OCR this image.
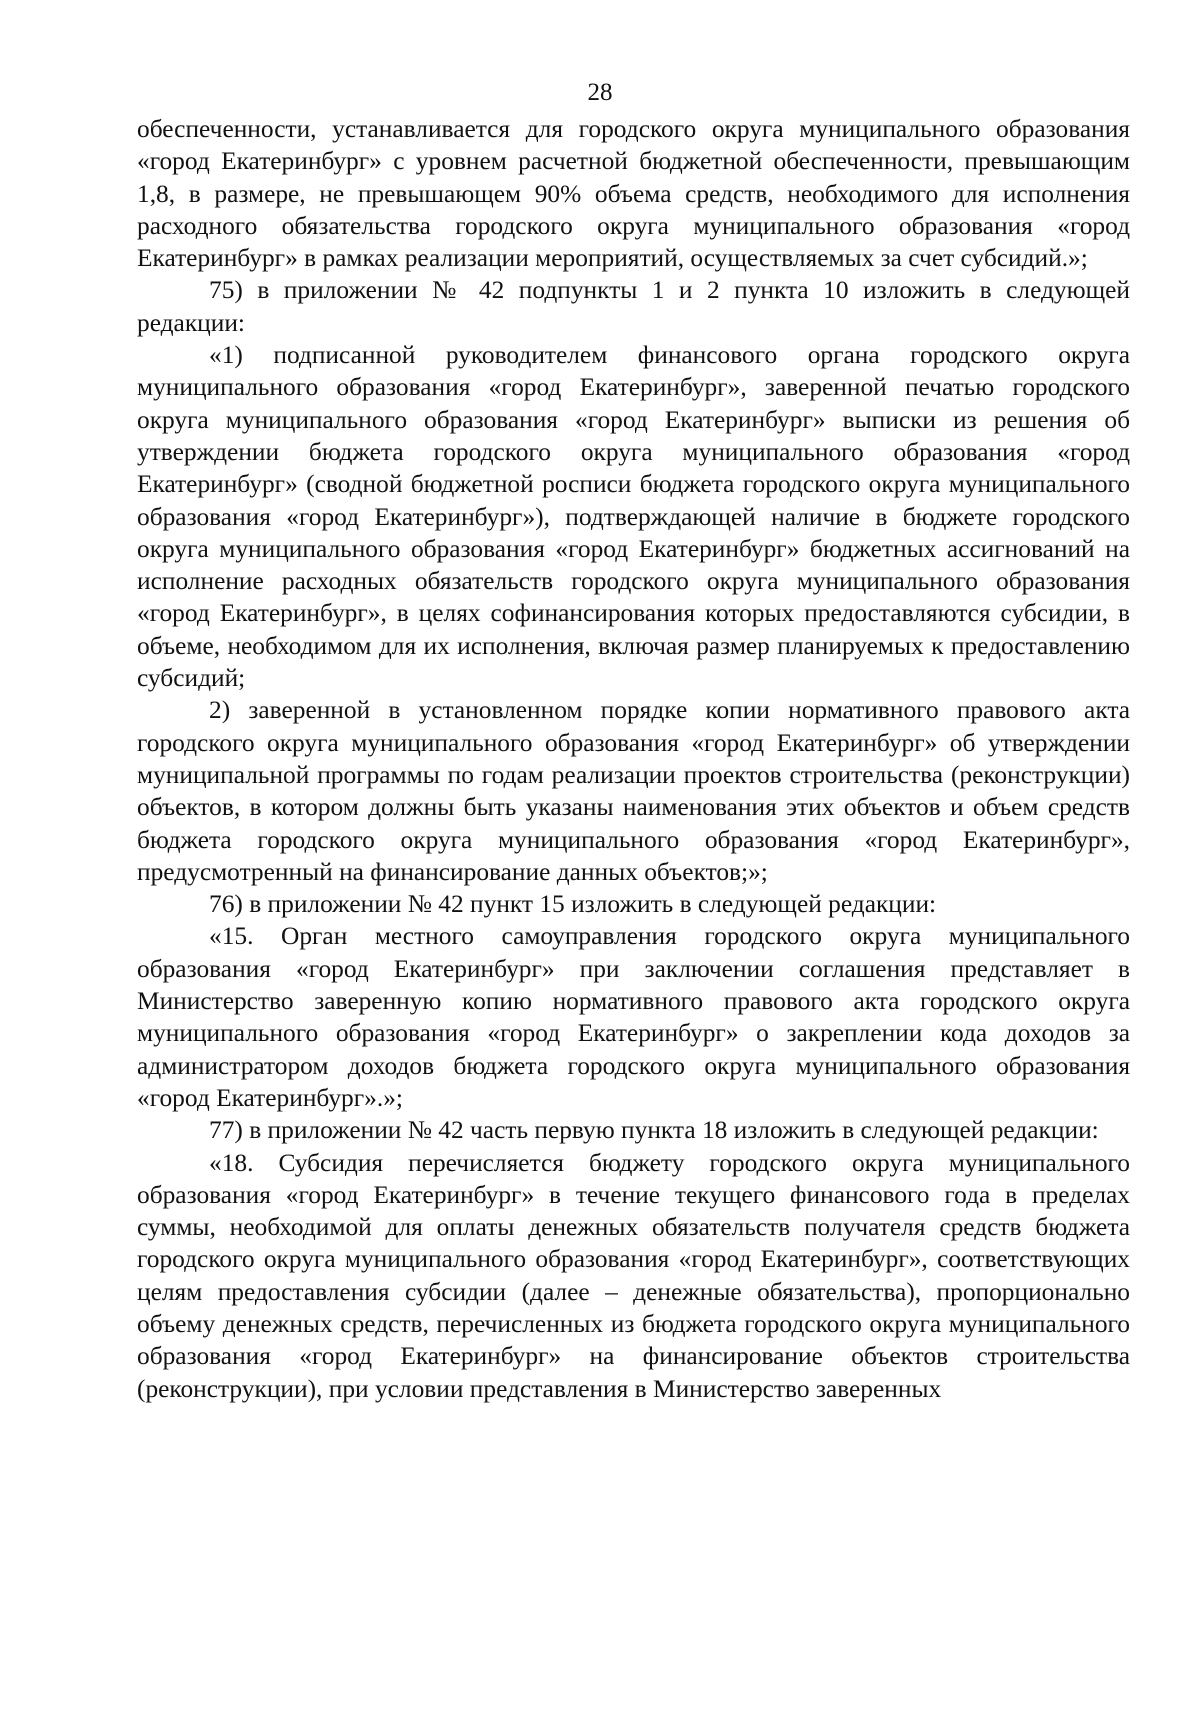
28

обеспеченности, устанавливается для городского округа муниципального образования «город Екатеринбург» с уровнем расчетной бюджетной обеспеченности, превышающим 1,8, в размере, не превышающем 90% объема средств, необходимого для исполнения расходного обязательства городского округа муниципального образования «город Екатеринбург» в рамках реализации мероприятий, осуществляемых за счет субсидий.»;

75) в приложении № 42 подпункты 1 и 2 пункта 10 изложить в следующей редакции:

«1) подписанной руководителем финансового органа городского округа муниципального образования «город Екатеринбург», заверенной печатью городского округа муниципального образования «город Екатеринбург» выписки из решения об утверждении бюджета городского округа муниципального образования «город Екатеринбург» (сводной бюджетной росписи бюджета городского округа муниципального образования «город Екатеринбург»), подтверждающей наличие в бюджете городского округа муниципального образования «город Екатеринбург» бюджетных ассигнований на исполнение расходных обязательств городского округа муниципального образования «город Екатеринбург», в целях софинансирования которых предоставляются субсидии, в объеме, необходимом для их исполнения, включая размер планируемых к предоставлению субсидий;

2) заверенной в установленном порядке копии нормативного правового акта городского округа муниципального образования «город Екатеринбург» об утверждении муниципальной программы по годам реализации проектов строительства (реконструкции) объектов, в котором должны быть указаны наименования этих объектов и объем средств бюджета городского округа муниципального образования «город Екатеринбург», предусмотренный на финансирование данных объектов;»;

76) в приложении № 42 пункт 15 изложить в следующей редакции:

«15. Орган местного самоуправления городского округа муниципального образования «город Екатеринбург» при заключении соглашения представляет в Министерство заверенную копию нормативного правового акта городского округа муниципального образования «город Екатеринбург» о закреплении кода доходов за администратором доходов бюджета городского округа муниципального образования «город Екатеринбург».»;

77) в приложении № 42 часть первую пункта 18 изложить в следующей редакции:

«18. Субсидия перечисляется бюджету городского округа муниципального образования «город Екатеринбург» в течение текущего финансового года в пределах суммы, необходимой для оплаты денежных обязательств получателя средств бюджета городского округа муниципального образования «город Екатеринбург», соответствующих целям предоставления субсидии (далее – денежные обязательства), пропорционально объему денежных средств, перечисленных из бюджета городского округа муниципального образования «город Екатеринбург» на финансирование объектов строительства (реконструкции), при условии представления в Министерство заверенных
